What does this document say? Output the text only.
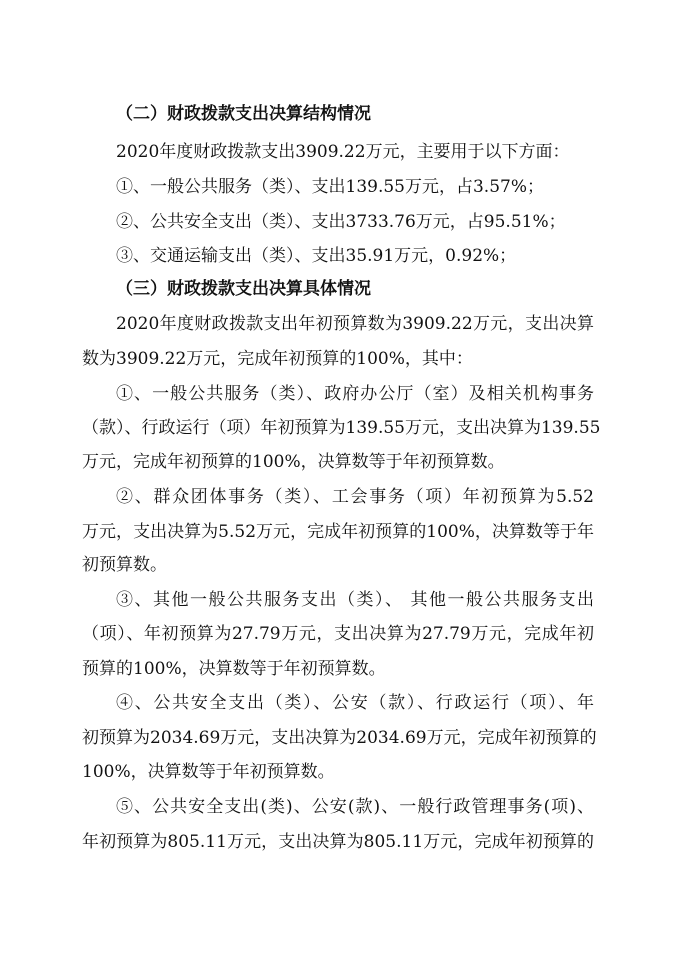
（二）财政拨款支出决算结构情况
2020年度财政拨款支出3909.22万元，主要用于以下方面：
①、一般公共服务（类）、支出139.55万元，占3.57%；
②、公共安全支出（类）、支出3733.76万元，占95.51%；
③、交通运输支出（类）、支出35.91万元，0.92%；
（三）财政拨款支出决算具体情况
2020年度财政拨款支出年初预算数为3909.22万元，支出决算
数为3909.22万元，完成年初预算的100%，其中：
①、一般公共服务（类）、政府办公厅（室）及相关机构事务
（款）、行政运行（项）年初预算为139.55万元，支出决算为139.55
万元，完成年初预算的100%，决算数等于年初预算数。
②、群众团体事务（类）、工会事务（项）年初预算为5.52
万元，支出决算为5.52万元，完成年初预算的100%，决算数等于年
初预算数。
③、其他一般公共服务支出（类）、 其他一般公共服务支出
（项）、年初预算为27.79万元，支出决算为27.79万元，完成年初
预算的100%，决算数等于年初预算数。
④、公共安全支出（类）、公安（款）、行政运行（项）、年
初预算为2034.69万元，支出决算为2034.69万元，完成年初预算的
100%，决算数等于年初预算数。
⑤、公共安全支出(类)、公安(款)、一般行政管理事务(项)、
年初预算为805.11万元，支出决算为805.11万元，完成年初预算的
